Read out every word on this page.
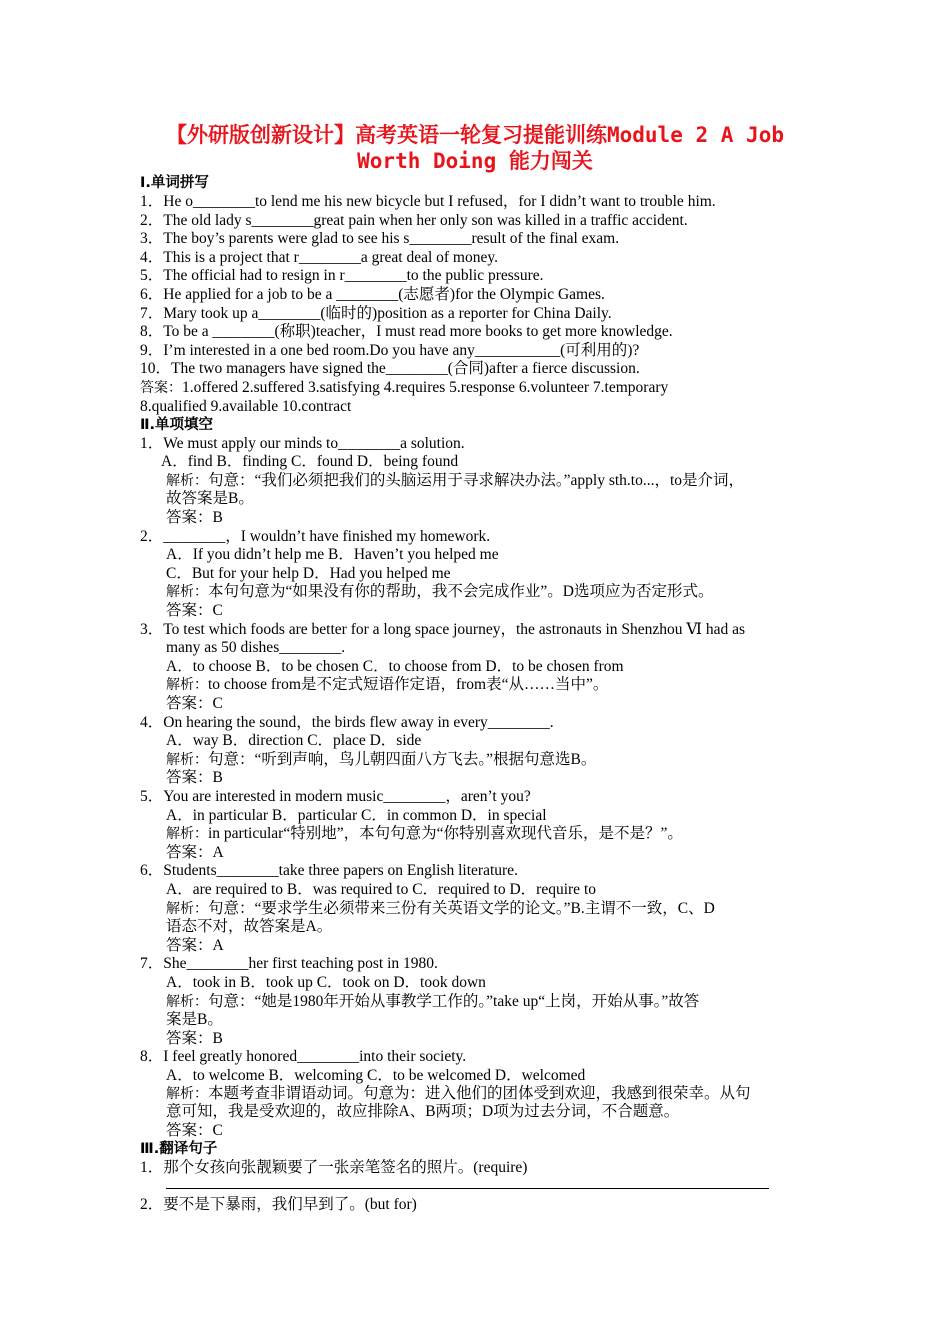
【外研版创新设计】高考英语一轮复习提能训练Module 2 A Job
Worth Doing 能力闯关
Ⅰ.单词拼写
1．He o________to lend me his new bicycle but I refused，for I didn’t want to trouble him.
2．The old lady s________great pain when her only son was killed in a traffic accident.
3．The boy’s parents were glad to see his s________result of the final exam.
4．This is a project that r________a great deal of money.
5．The official had to resign in r________to the public pressure.
6．He applied for a job to be a ________(志愿者)for the Olympic Games.
7．Mary took up a________(临时的)position as a reporter for China Daily.
8．To be a ________(称职)teacher，I must read more books to get more knowledge.
9．I’m interested in a one bed room.Do you have any___________(可利用的)?
10．The two managers have signed the________(合同)after a fierce discussion.
答案：1.offered 2.suffered 3.satisfying 4.requires 5.response 6.volunteer 7.temporary
8.qualified 9.available 10.contract
Ⅱ.单项填空
1．We must apply our minds to________a solution.
A．find B．finding C．found D．being found
解析：句意：“我们必须把我们的头脑运用于寻求解决办法。”apply sth.to...，to是介词，
故答案是B。
答案：B
2．________，I wouldn’t have finished my homework.
A．If you didn’t help me B．Haven’t you helped me
C．But for your help D．Had you helped me
解析：本句句意为“如果没有你的帮助，我不会完成作业”。D选项应为否定形式。
答案：C
3．To test which foods are better for a long space journey，the astronauts in Shenzhou Ⅵ had as
many as 50 dishes________.
A．to choose B．to be chosen C．to choose from D．to be chosen from
解析：to choose from是不定式短语作定语，from表“从……当中”。
答案：C
4．On hearing the sound，the birds flew away in every________.
A．way B．direction C．place D．side
解析：句意：“听到声响，鸟儿朝四面八方飞去。”根据句意选B。
答案：B
5．You are interested in modern music________，aren’t you?
A．in particular B．particular C．in common D．in special
解析：in particular“特别地”，本句句意为“你特别喜欢现代音乐，是不是？”。
答案：A
6．Students________take three papers on English literature.
A．are required to B．was required to C．required to D．require to
解析：句意：“要求学生必须带来三份有关英语文学的论文。”B.主谓不一致，C、D
语态不对，故答案是A。
答案：A
7．She________her first teaching post in 1980.
A．took in B．took up C．took on D．took down
解析：句意：“她是1980年开始从事教学工作的。”take up“上岗，开始从事。”故答
案是B。
答案：B
8．I feel greatly honored________into their society.
A．to welcome B．welcoming C．to be welcomed D．welcomed
解析：本题考查非谓语动词。句意为：进入他们的团体受到欢迎，我感到很荣幸。从句
意可知，我是受欢迎的，故应排除A、B两项；D项为过去分词，不合题意。
答案：C
Ⅲ.翻译句子
1．那个女孩向张靓颖要了一张亲笔签名的照片。(require)
2．要不是下暴雨，我们早到了。(but for)
